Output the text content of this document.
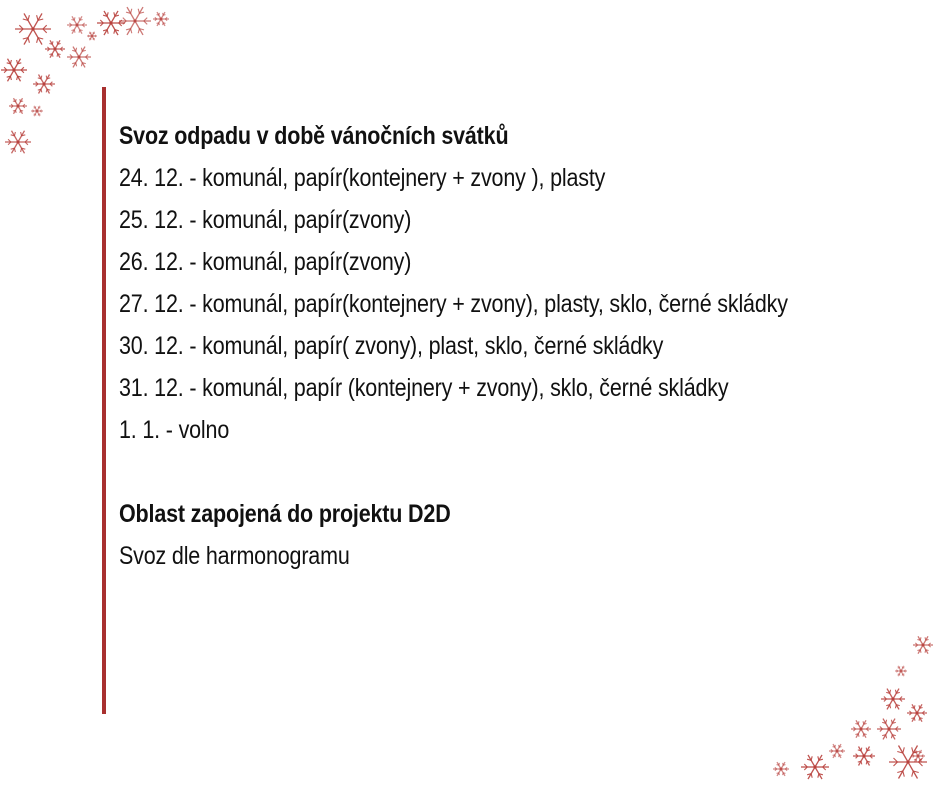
Svoz odpadu v době vánočních svátků
24. 12. - komunál, papír(kontejnery + zvony ), plasty
25. 12. - komunál, papír(zvony)
26. 12. - komunál, papír(zvony)
27. 12. - komunál, papír(kontejnery + zvony), plasty, sklo, černé skládky
30. 12. - komunál, papír( zvony), plast, sklo, černé skládky
31. 12. - komunál, papír (kontejnery + zvony), sklo, černé skládky
1. 1. - volno
Oblast zapojená do projektu D2D
Svoz dle harmonogramu
